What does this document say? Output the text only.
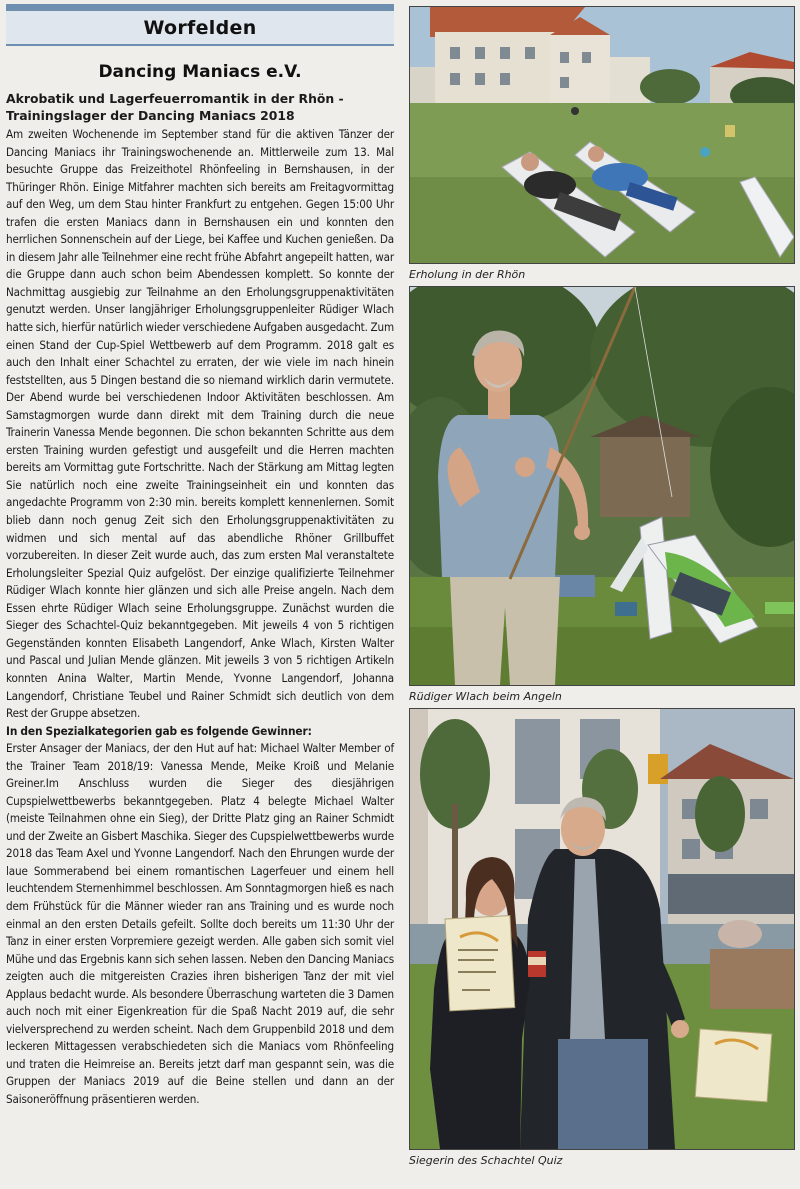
Worfelden
Dancing Maniacs e.V.
Akrobatik und Lagerfeuerromantik in der Rhön - Trainingslager der Dancing Maniacs 2018
Am zweiten Wochenende im September stand für die aktiven Tänzer der Dancing Maniacs ihr Trainingswochenende an. Mittlerweile zum 13. Mal besuchte Gruppe das Freizeithotel Rhönfeeling in Bernshausen, in der Thüringer Rhön. Einige Mitfahrer machten sich bereits am Freitagvormittag auf den Weg, um dem Stau hinter Frankfurt zu entgehen. Gegen 15:00 Uhr trafen die ersten Maniacs dann in Bernshausen ein und konnten den herrlichen Sonnenschein auf der Liege, bei Kaffee und Kuchen genießen. Da in diesem Jahr alle Teilnehmer eine recht frühe Abfahrt angepeilt hatten, war die Gruppe dann auch schon beim Abendessen komplett. So konnte der Nachmittag ausgiebig zur Teilnahme an den Erholungsgruppenaktivitäten genutzt werden. Unser langjähriger Erholungsgruppenleiter Rüdiger Wlach hatte sich, hierfür natürlich wieder verschiedene Aufgaben ausgedacht. Zum einen Stand der Cup-Spiel Wettbewerb auf dem Programm. 2018 galt es auch den Inhalt einer Schachtel zu erraten, der wie viele im nach hinein feststellten, aus 5 Dingen bestand die so niemand wirklich darin vermutete. Der Abend wurde bei verschiedenen Indoor Aktivitäten beschlossen. Am Samstagmorgen wurde dann direkt mit dem Training durch die neue Trainerin Vanessa Mende begonnen. Die schon bekannten Schritte aus dem ersten Training wurden gefestigt und ausgefeilt und die Herren machten bereits am Vormittag gute Fortschritte. Nach der Stärkung am Mittag legten Sie natürlich noch eine zweite Trainingseinheit ein und konnten das angedachte Programm von 2:30 min. bereits komplett kennenlernen. Somit blieb dann noch genug Zeit sich den Erholungsgruppenaktivitäten zu widmen und sich mental auf das abendliche Rhöner Grillbuffet vorzubereiten. In dieser Zeit wurde auch, das zum ersten Mal veranstaltete Erholungsleiter Spezial Quiz aufgelöst. Der einzige qualifizierte Teilnehmer Rüdiger Wlach konnte hier glänzen und sich alle Preise angeln. Nach dem Essen ehrte Rüdiger Wlach seine Erholungsgruppe. Zunächst wurden die Sieger des Schachtel-Quiz bekanntgegeben. Mit jeweils 4 von 5 richtigen Gegenständen konnten Elisabeth Langendorf, Anke Wlach, Kirsten Walter und Pascal und Julian Mende glänzen. Mit jeweils 3 von 5 richtigen Artikeln konnten Anina Walter, Martin Mende, Yvonne Langendorf, Johanna Langendorf, Christiane Teubel und Rainer Schmidt sich deutlich von dem Rest der Gruppe absetzen.
In den Spezialkategorien gab es folgende Gewinner:
Erster Ansager der Maniacs, der den Hut auf hat: Michael Walter Member of the Trainer Team 2018/19: Vanessa Mende, Meike Kroiß und Melanie Greiner.Im Anschluss wurden die Sieger des diesjährigen Cupspielwettbewerbs bekanntgegeben. Platz 4 belegte Michael Walter (meiste Teilnahmen ohne ein Sieg), der Dritte Platz ging an Rainer Schmidt und der Zweite an Gisbert Maschika. Sieger des Cupspielwettbewerbs wurde 2018 das Team Axel und Yvonne Langendorf. Nach den Ehrungen wurde der laue Sommerabend bei einem romantischen Lagerfeuer und einem hell leuchtendem Sternenhimmel beschlossen. Am Sonntagmorgen hieß es nach dem Frühstück für die Männer wieder ran ans Training und es wurde noch einmal an den ersten Details gefeilt. Sollte doch bereits um 11:30 Uhr der Tanz in einer ersten Vorpremiere gezeigt werden. Alle gaben sich somit viel Mühe und das Ergebnis kann sich sehen lassen. Neben den Dancing Maniacs zeigten auch die mitgereisten Crazies ihren bisherigen Tanz der mit viel Applaus bedacht wurde. Als besondere Überraschung warteten die 3 Damen auch noch mit einer Eigenkreation für die Spaß Nacht 2019 auf, die sehr vielversprechend zu werden scheint. Nach dem Gruppenbild 2018 und dem leckeren Mittagessen verabschiedeten sich die Maniacs vom Rhönfeeling und traten die Heimreise an. Bereits jetzt darf man gespannt sein, was die Gruppen der Maniacs 2019 auf die Beine stellen und dann an der Saisoneröffnung präsentieren werden.
Erholung in der Rhön
Rüdiger Wlach beim Angeln
Siegerin des Schachtel Quiz
